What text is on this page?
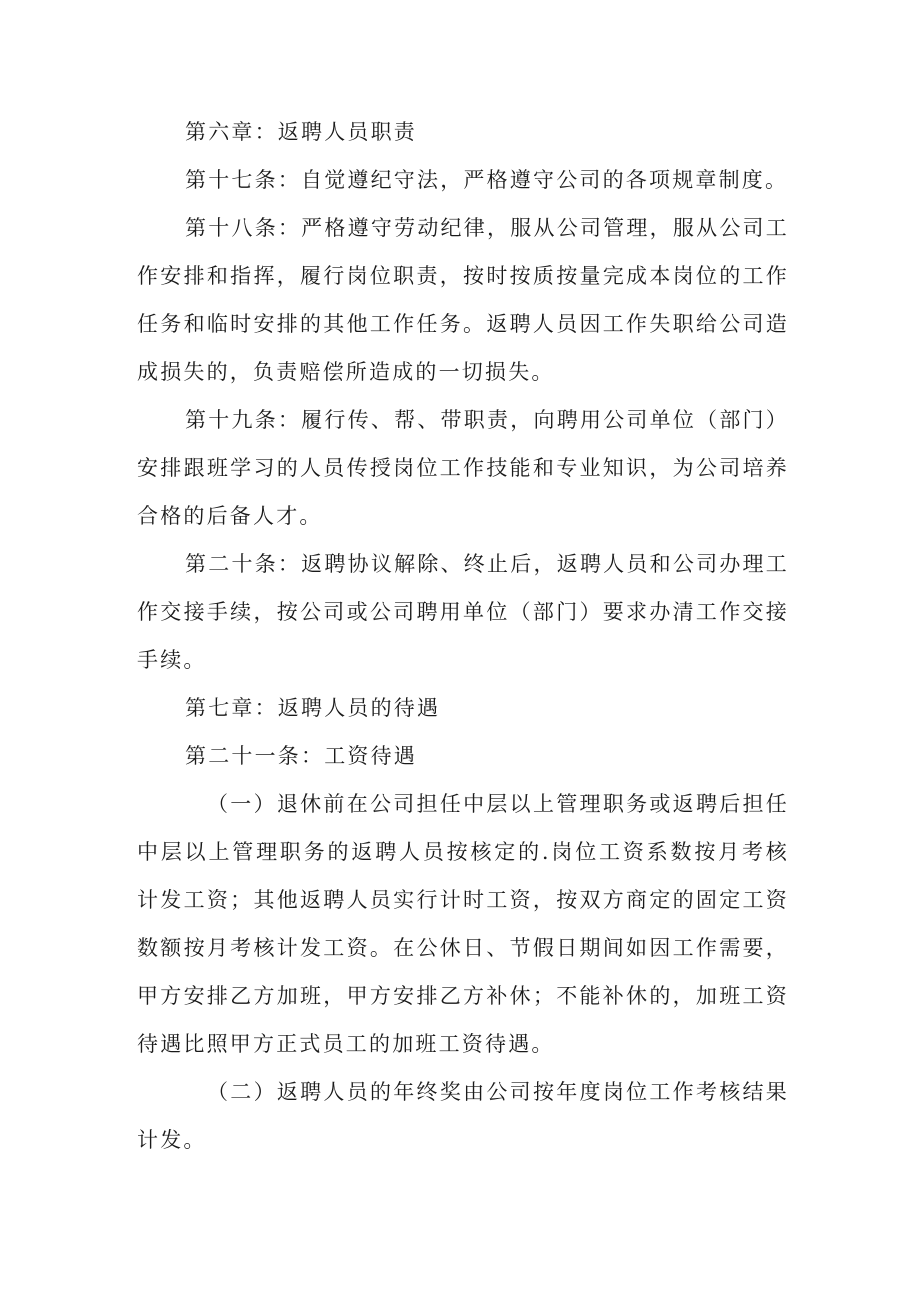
第六章：返聘人员职责

第十七条：自觉遵纪守法，严格遵守公司的各项规章制度。

第十八条：严格遵守劳动纪律，服从公司管理，服从公司工作安排和指挥，履行岗位职责，按时按质按量完成本岗位的工作任务和临时安排的其他工作任务。返聘人员因工作失职给公司造成损失的，负责赔偿所造成的一切损失。

第十九条：履行传、帮、带职责，向聘用公司单位（部门）安排跟班学习的人员传授岗位工作技能和专业知识，为公司培养合格的后备人才。

第二十条：返聘协议解除、终止后，返聘人员和公司办理工作交接手续，按公司或公司聘用单位（部门）要求办清工作交接手续。

第七章：返聘人员的待遇

第二十一条：工资待遇

（一）退休前在公司担任中层以上管理职务或返聘后担任中层以上管理职务的返聘人员按核定的.岗位工资系数按月考核计发工资；其他返聘人员实行计时工资，按双方商定的固定工资数额按月考核计发工资。在公休日、节假日期间如因工作需要，甲方安排乙方加班，甲方安排乙方补休；不能补休的，加班工资待遇比照甲方正式员工的加班工资待遇。

（二）返聘人员的年终奖由公司按年度岗位工作考核结果计发。
